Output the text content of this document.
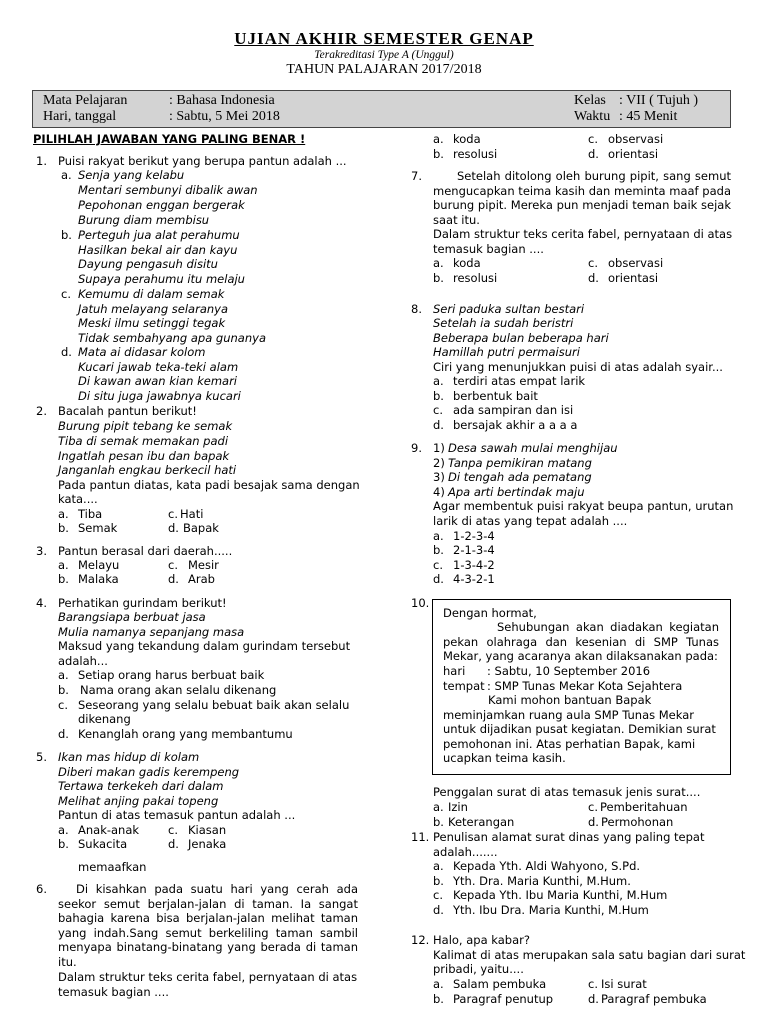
UJIAN AKHIR SEMESTER GENAP
Terakreditasi Type A (Unggul)
TAHUN PALAJARAN 2017/2018
Mata Pelajaran	: Bahasa Indonesia
Hari, tanggal	: Sabtu, 5 Mei 2018
Kelas : VII ( Tujuh )
Waktu : 45 Menit
PILIHLAH JAWABAN YANG PALING BENAR !
1. Puisi rakyat berikut yang berupa pantun adalah ...
a. Senja yang kelabu
Mentari sembunyi dibalik awan
Pepohonan enggan bergerak
Burung diam membisu
b. Perteguh jua alat perahumu
Hasilkan bekal air dan kayu
Dayung pengasuh disitu
Supaya perahumu itu melaju
c. Kemumu di dalam semak
Jatuh melayang selaranya
Meski ilmu setinggi tegak
Tidak sembahyang apa gunanya
d. Mata ai didasar kolom
Kucari jawab teka-teki alam
Di kawan awan kian kemari
Di situ juga jawabnya kucari
2. Bacalah pantun berikut!
Burung pipit tebang ke semak
Tiba di semak memakan padi
Ingatlah pesan ibu dan bapak
Janganlah engkau berkecil hati
Pada pantun diatas, kata padi besajak sama dengan
kata....
a. Tiba	c. Hati
b. Semak	d. Bapak
3. Pantun berasal dari daerah.....
a. Melayu	c. Mesir
b. Malaka	d. Arab
4. Perhatikan gurindam berikut!
Barangsiapa berbuat jasa
Mulia namanya sepanjang masa
Maksud yang tekandung dalam gurindam tersebut
adalah...
a. Setiap orang harus berbuat baik
b. Nama orang akan selalu dikenang
c. Seseorang yang selalu bebuat baik akan selalu
dikenang
d. Kenanglah orang yang membantumu
5. Ikan mas hidup di kolam
Diberi makan gadis kerempeng
Tertawa terkekeh dari dalam
Melihat anjing pakai topeng
Pantun di atas temasuk pantun adalah ...
a. Anak-anak	c. Kiasan
b. Sukacita	d. Jenaka
memaafkan
6.	Di kisahkan pada suatu hari yang cerah ada
seekor semut berjalan-jalan di taman. Ia sangat
bahagia karena bisa berjalan-jalan melihat taman
yang indah.Sang semut berkeliling taman sambil
menyapa binatang-binatang yang berada di taman
itu.
Dalam struktur teks cerita fabel, pernyataan di atas
temasuk bagian ....
a. koda	c. observasi
b. resolusi	d. orientasi
7.	Setelah ditolong oleh burung pipit, sang semut
mengucapkan teima kasih dan meminta maaf pada
burung pipit. Mereka pun menjadi teman baik sejak
saat itu.
Dalam struktur teks cerita fabel, pernyataan di atas
temasuk bagian ....
a. koda	c. observasi
b. resolusi	d. orientasi
8. Seri paduka sultan bestari
Setelah ia sudah beristri
Beberapa bulan beberapa hari
Hamillah putri permaisuri
Ciri yang menunjukkan puisi di atas adalah syair...
a. terdiri atas empat larik
b. berbentuk bait
c. ada sampiran dan isi
d. bersajak akhir a a a a
9. 1) Desa sawah mulai menghijau
2) Tanpa pemikiran matang
3) Di tengah ada pematang
4) Apa arti bertindak maju
Agar membentuk puisi rakyat beupa pantun, urutan
larik di atas yang tepat adalah ....
a. 1-2-3-4
b. 2-1-3-4
c. 1-3-4-2
d. 4-3-2-1
10.
Dengan hormat,
Sehubungan akan diadakan kegiatan
pekan olahraga dan kesenian di SMP Tunas
Mekar, yang acaranya akan dilaksanakan pada:
hari : Sabtu, 10 September 2016
tempat : SMP Tunas Mekar Kota Sejahtera
Kami mohon bantuan Bapak
meminjamkan ruang aula SMP Tunas Mekar
untuk dijadikan pusat kegiatan. Demikian surat
pemohonan ini. Atas perhatian Bapak, kami
ucapkan teima kasih.
Penggalan surat di atas temasuk jenis surat....
a. Izin	c. Pemberitahuan
b. Keterangan	d. Permohonan
11. Penulisan alamat surat dinas yang paling tepat
adalah.......
a. Kepada Yth. Aldi Wahyono, S.Pd.
b. Yth. Dra. Maria Kunthi, M.Hum.
c. Kepada Yth. Ibu Maria Kunthi, M.Hum
d. Yth. Ibu Dra. Maria Kunthi, M.Hum
12. Halo, apa kabar?
Kalimat di atas merupakan sala satu bagian dari surat
pribadi, yaitu....
a. Salam pembuka	c. Isi surat
b. Paragraf penutup	d. Paragraf pembuka
